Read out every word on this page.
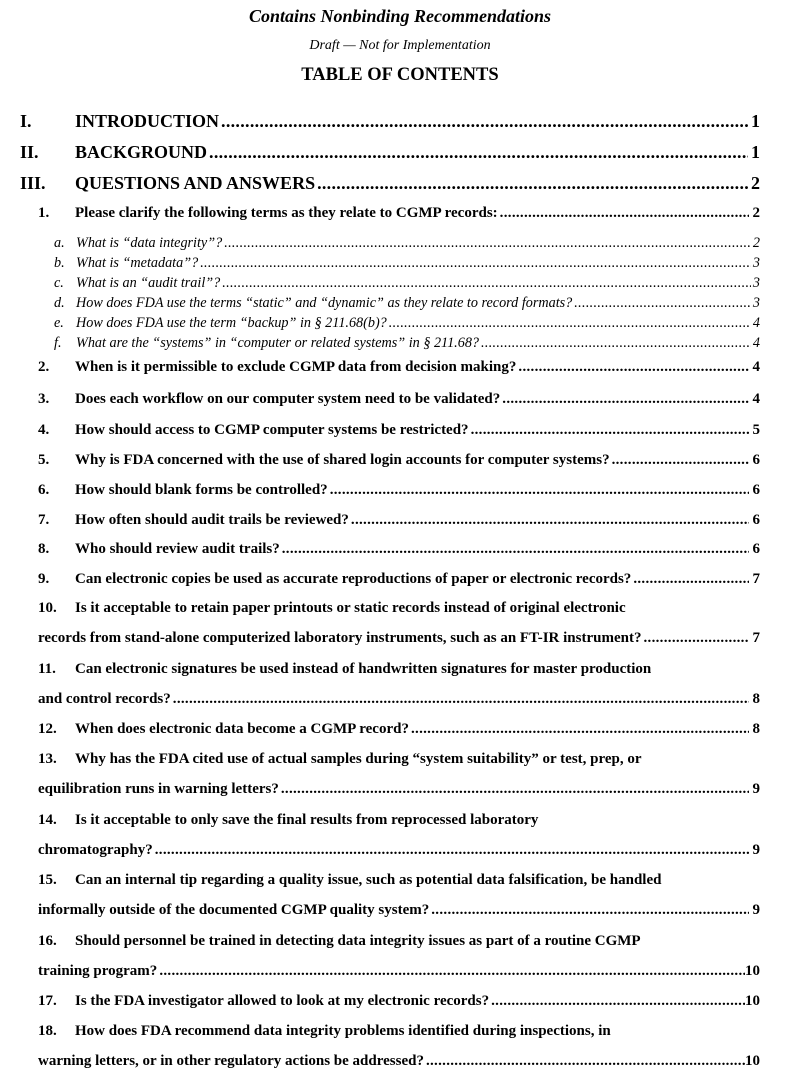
Contains Nonbinding Recommendations
Draft — Not for Implementation
TABLE OF CONTENTS
I.	INTRODUCTION .....	1
II.	BACKGROUND .....	1
III.	QUESTIONS AND ANSWERS .....	2
1.	Please clarify the following terms as they relate to CGMP records: .....	2
a. What is “data integrity”? .....	2
b. What is “metadata”? .....	3
c. What is an “audit trail”? .....	3
d. How does FDA use the terms “static” and “dynamic” as they relate to record formats? .....	3
e. How does FDA use the term “backup” in § 211.68(b)? .....	4
f.	What are the “systems” in “computer or related systems” in § 211.68? .....	4
2.	When is it permissible to exclude CGMP data from decision making? .....	4
3.	Does each workflow on our computer system need to be validated? .....	4
4.	How should access to CGMP computer systems be restricted? .....	5
5.	Why is FDA concerned with the use of shared login accounts for computer systems? .....	6
6.	How should blank forms be controlled? .....	6
7.	How often should audit trails be reviewed? .....	6
8.	Who should review audit trails? .....	6
9.	Can electronic copies be used as accurate reproductions of paper or electronic records? .....	7
10. Is it acceptable to retain paper printouts or static records instead of original electronic
records from stand-alone computerized laboratory instruments, such as an FT-IR instrument? .....	7
11. Can electronic signatures be used instead of handwritten signatures for master production
and control records? .....	8
12.	When does electronic data become a CGMP record? .....	8
13. Why has the FDA cited use of actual samples during “system suitability” or test, prep, or
equilibration runs in warning letters? .....	9
14. Is it acceptable to only save the final results from reprocessed laboratory
chromatography? .....	9
15. Can an internal tip regarding a quality issue, such as potential data falsification, be handled
informally outside of the documented CGMP quality system? .....	9
16. Should personnel be trained in detecting data integrity issues as part of a routine CGMP
training program? .....	10
17.	Is the FDA investigator allowed to look at my electronic records? .....	10
18. How does FDA recommend data integrity problems identified during inspections, in
warning letters, or in other regulatory actions be addressed? .....	10
